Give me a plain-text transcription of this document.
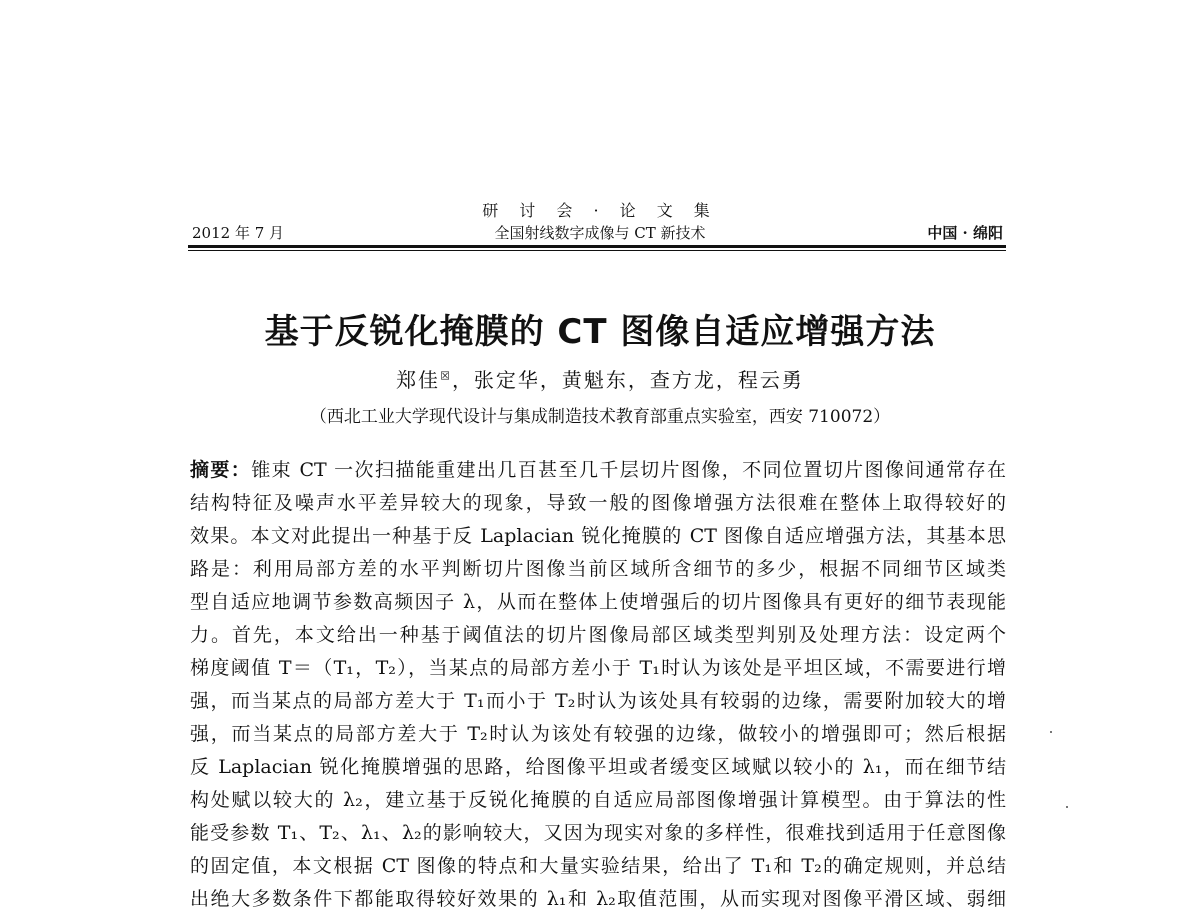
研 讨 会 · 论 文 集
全国射线数字成像与 CT 新技术
2012 年 7 月	中国 · 绵阳
基于反锐化掩膜的 CT 图像自适应增强方法
郑佳☒，张定华，黄魁东，查方龙，程云勇
（西北工业大学现代设计与集成制造技术教育部重点实验室，西安 710072）
摘要：锥束 CT 一次扫描能重建出几百甚至几千层切片图像，不同位置切片图像间通常存在
结构特征及噪声水平差异较大的现象，导致一般的图像增强方法很难在整体上取得较好的
效果。本文对此提出一种基于反 Laplacian 锐化掩膜的 CT 图像自适应增强方法，其基本思
路是：利用局部方差的水平判断切片图像当前区域所含细节的多少，根据不同细节区域类
型自适应地调节参数高频因子 λ，从而在整体上使增强后的切片图像具有更好的细节表现能
力。首先，本文给出一种基于阈值法的切片图像局部区域类型判别及处理方法：设定两个
梯度阈值 T＝（T₁，T₂），当某点的局部方差小于 T₁时认为该处是平坦区域，不需要进行增
强，而当某点的局部方差大于 T₁而小于 T₂时认为该处具有较弱的边缘，需要附加较大的增
强，而当某点的局部方差大于 T₂时认为该处有较强的边缘，做较小的增强即可；然后根据
反 Laplacian 锐化掩膜增强的思路，给图像平坦或者缓变区域赋以较小的 λ₁，而在细节结
构处赋以较大的 λ₂，建立基于反锐化掩膜的自适应局部图像增强计算模型。由于算法的性
能受参数 T₁、T₂、λ₁、λ₂的影响较大，又因为现实对象的多样性，很难找到适用于任意图像
的固定值，本文根据 CT 图像的特点和大量实验结果，给出了 T₁和 T₂的确定规则，并总结
出绝大多数条件下都能取得较好效果的 λ₁和 λ₂取值范围，从而实现对图像平滑区域、弱细
